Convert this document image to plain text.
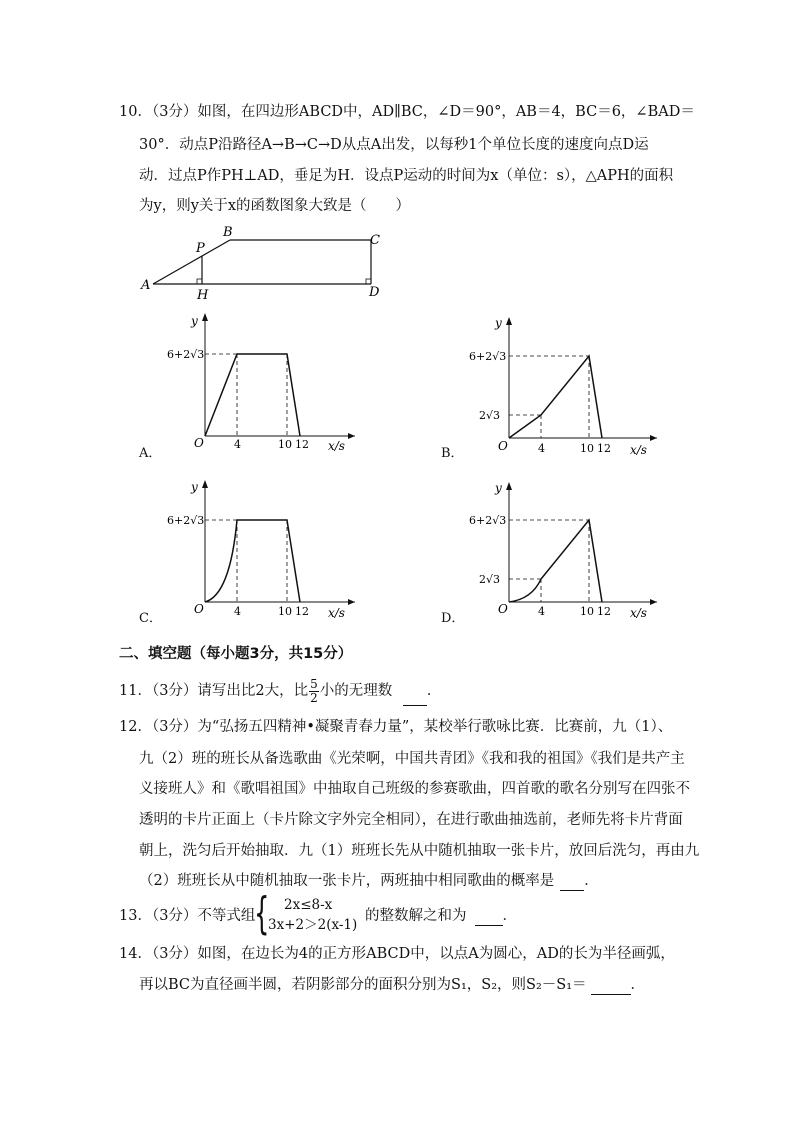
10．（3分）如图，在四边形ABCD中，AD∥BC，∠D＝90°，AB＝4，BC＝6，∠BAD＝
30°．动点P沿路径A→B→C→D从点A出发，以每秒1个单位长度的速度向点D运
动．过点P作PH⊥AD，垂足为H．设点P运动的时间为x（单位：s），△APH的面积
为y，则y关于x的函数图象大致是（　　）
A
B
C
D
P
H
y
6+2√3
O	4	10 12 x/s
A．
y
6+2√3
2√3
O	4	10 12 x/s
B．
y
6+2√3
O	4	10 12 x/s
C．
y
6+2√3
2√3
O	4	10 12 x/s
D．
二、填空题（每小题3分，共15分）
11．（3分）请写出比2大，比 $\frac{5}{2}$ 小的无理数 ．
12．（3分）为“弘扬五四精神•凝聚青春力量”，某校举行歌咏比赛．比赛前，九（1）、
九（2）班的班长从备选歌曲《光荣啊，中国共青团》《我和我的祖国》《我们是共产主
义接班人》和《歌唱祖国》中抽取自己班级的参赛歌曲，四首歌的歌名分别写在四张不
透明的卡片正面上（卡片除文字外完全相同），在进行歌曲抽选前，老师先将卡片背面
朝上，洗匀后开始抽取．九（1）班班长先从中随机抽取一张卡片，放回后洗匀，再由九
（2）班班长从中随机抽取一张卡片，两班抽中相同歌曲的概率是 ．
13．（3分）不等式组
{ 2x≤8-x
3x+2＞2(x-1)
的整数解之和为 ．
14．（3分）如图，在边长为4的正方形ABCD中，以点A为圆心，AD的长为半径画弧，
再以BC为直径画半圆，若阴影部分的面积分别为S₁，S₂，则S₂－S₁＝	．
